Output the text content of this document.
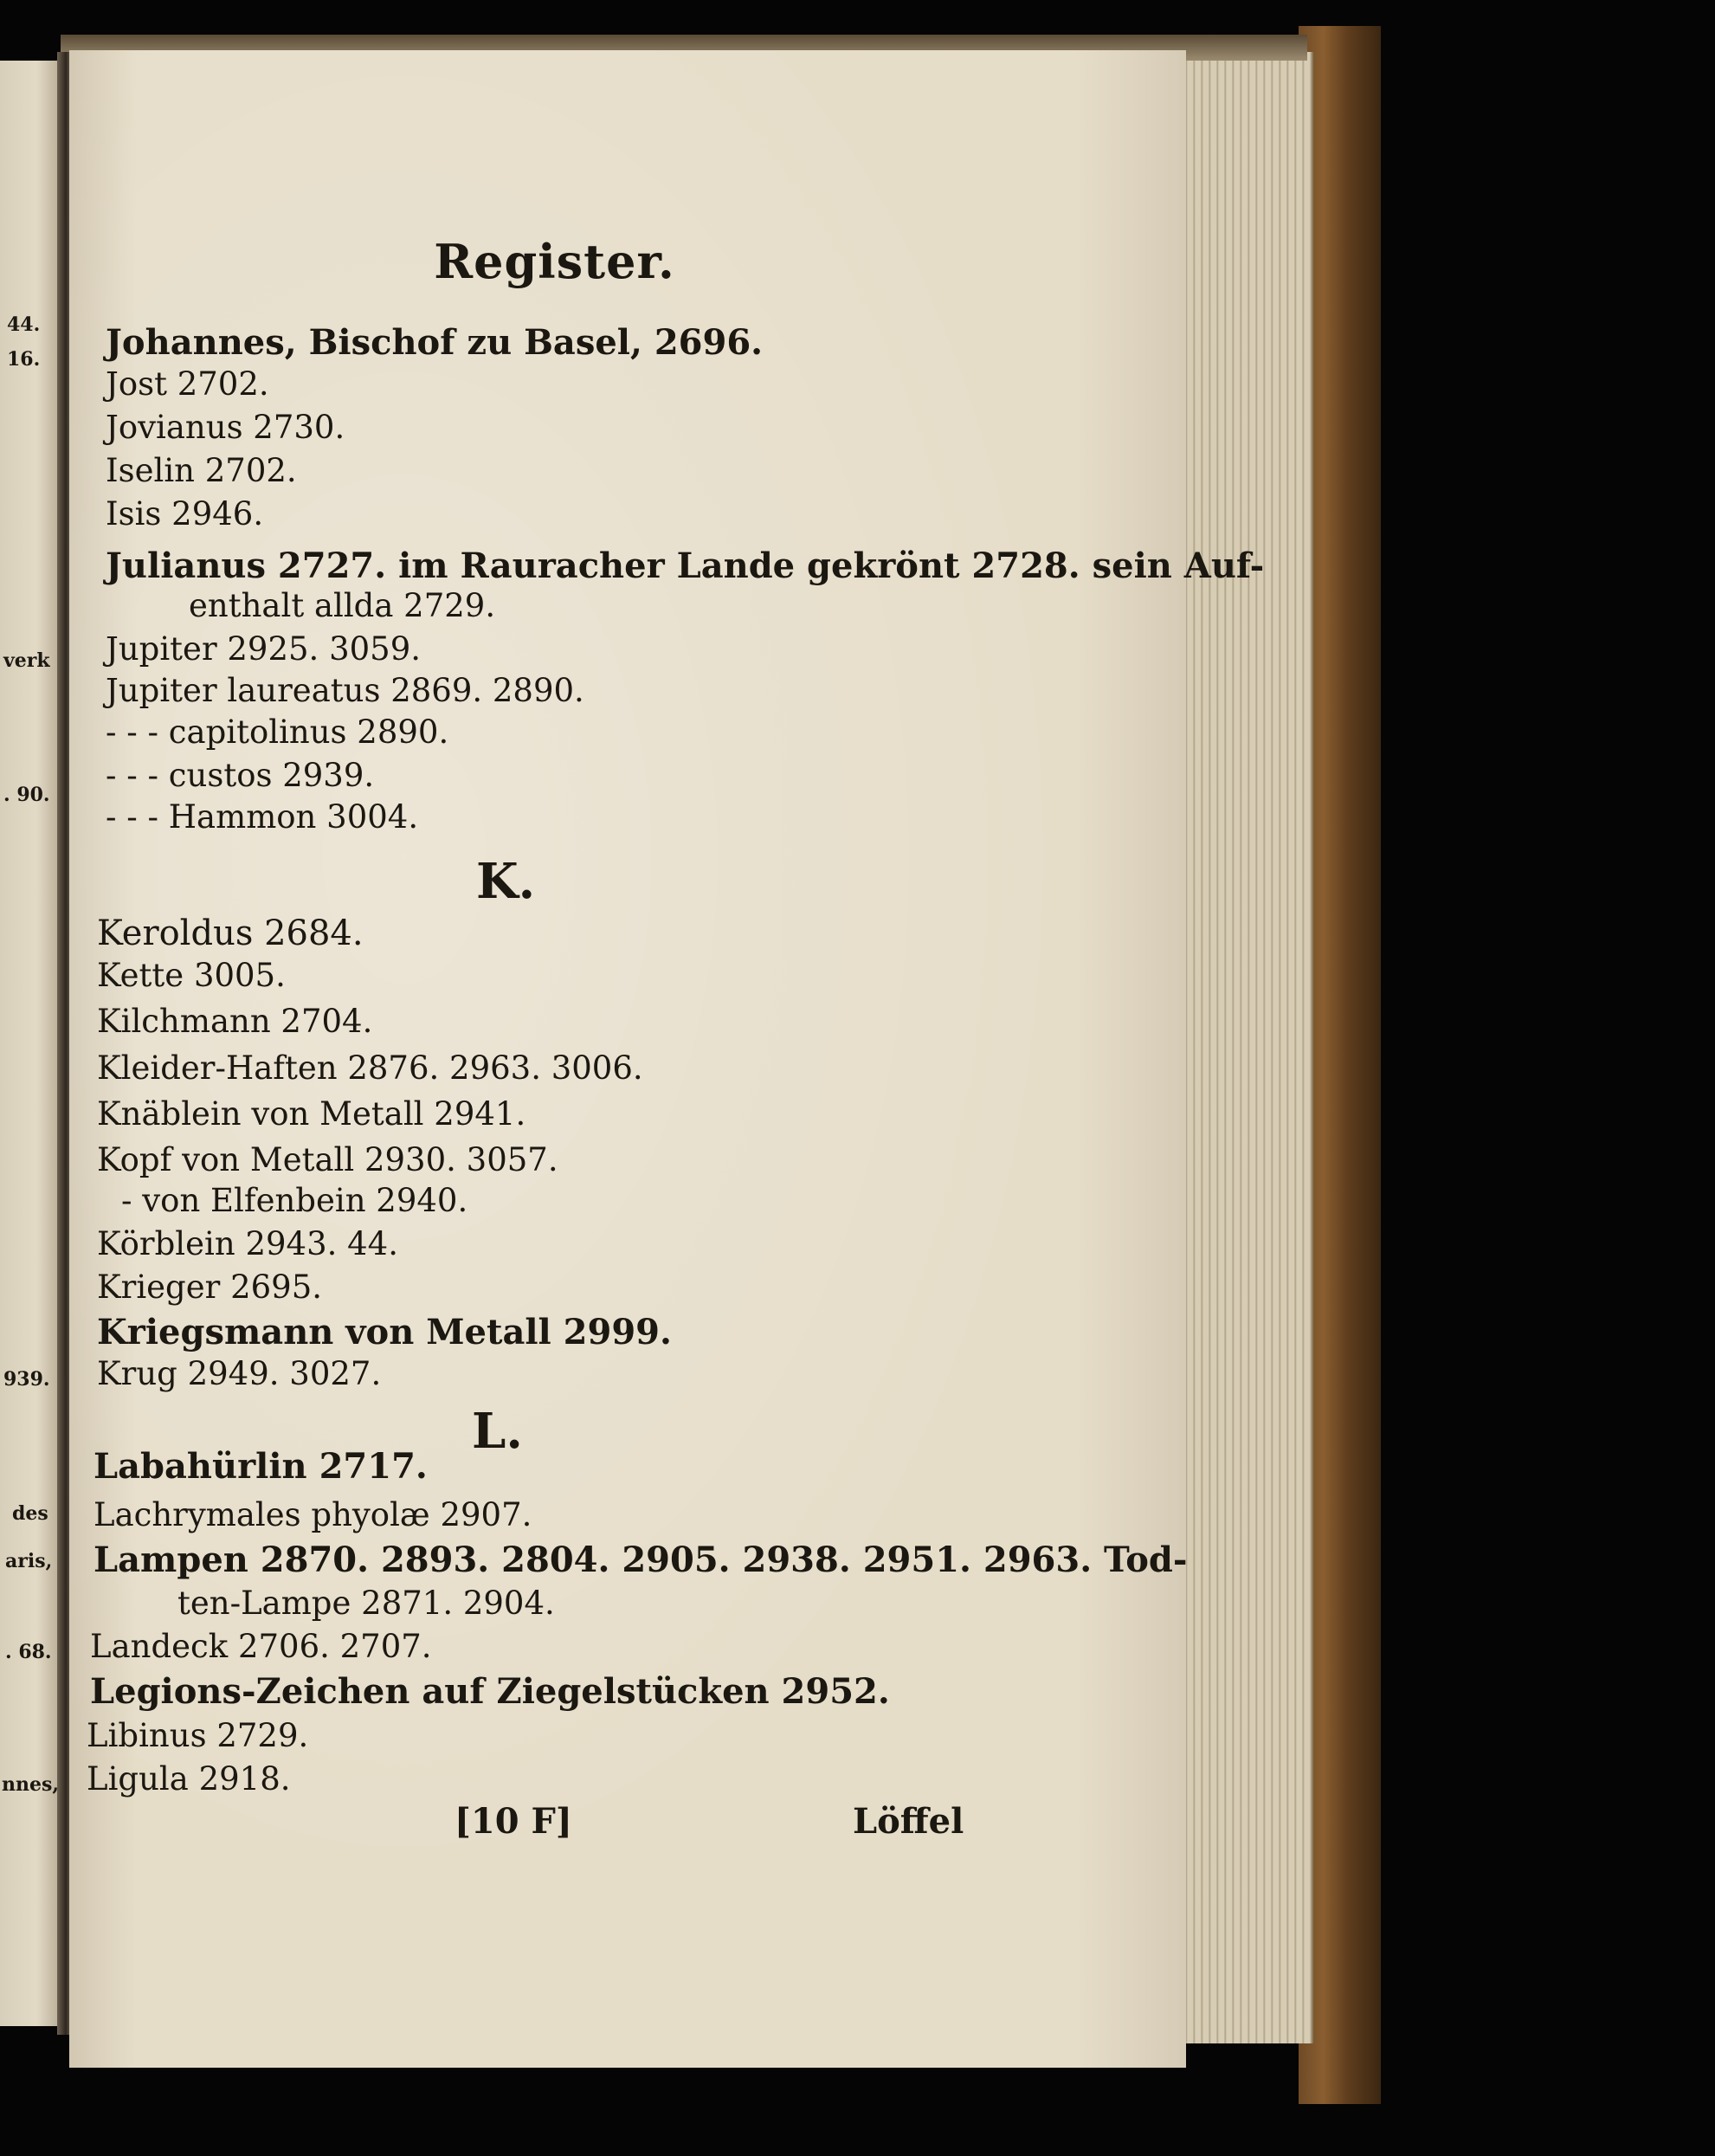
44.
16.
verk
. 90.
939.
des
aris,
. 68.
nnes,
Register.
Johannes, Bischof zu Basel, 2696.
Jost 2702.
Jovianus 2730.
Iselin 2702.
Isis 2946.
Julianus 2727. im Rauracher Lande gekrönt 2728. sein Auf-
enthalt allda 2729.
Jupiter 2925. 3059.
Jupiter laureatus 2869. 2890.
- - - capitolinus 2890.
- - - custos 2939.
- - - Hammon 3004.
K.
Keroldus 2684.
Kette 3005.
Kilchmann 2704.
Kleider-Haften 2876. 2963. 3006.
Knäblein von Metall 2941.
Kopf von Metall 2930. 3057.
- von Elfenbein 2940.
Körblein 2943. 44.
Krieger 2695.
Kriegsmann von Metall 2999.
Krug 2949. 3027.
L.
Labahürlin 2717.
Lachrymales phyolæ 2907.
Lampen 2870. 2893. 2804. 2905. 2938. 2951. 2963. Tod-
ten-Lampe 2871. 2904.
Landeck 2706. 2707.
Legions-Zeichen auf Ziegelstücken 2952.
Libinus 2729.
Ligula 2918.
[10 F]	Löffel
